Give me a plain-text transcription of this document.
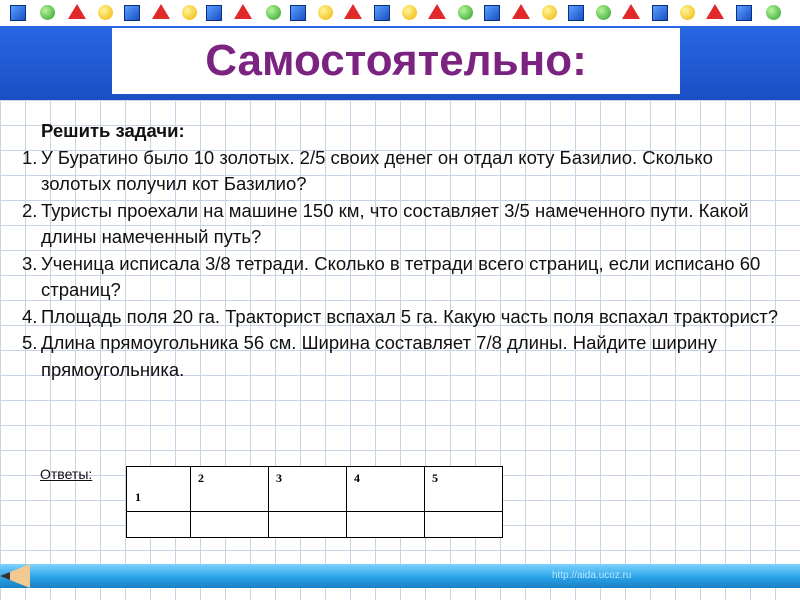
Самостоятельно:
Решить задачи:
1. У Буратино было 10 золотых. 2/5 своих денег он отдал коту Базилио. Сколько золотых получил кот Базилио?
2. Туристы проехали на машине 150 км, что составляет 3/5 намеченного пути. Какой длины намеченный путь?
3. Ученица исписала 3/8 тетради. Сколько в тетради всего страниц, если исписано 60 страниц?
4. Площадь поля 20 га. Тракторист вспахал 5 га. Какую часть поля вспахал тракторист?
5. Длина прямоугольника 56 см. Ширина составляет 7/8 длины. Найдите ширину прямоугольника.
Ответы:
1	2	3	4	5

http://aida.ucoz.ru
